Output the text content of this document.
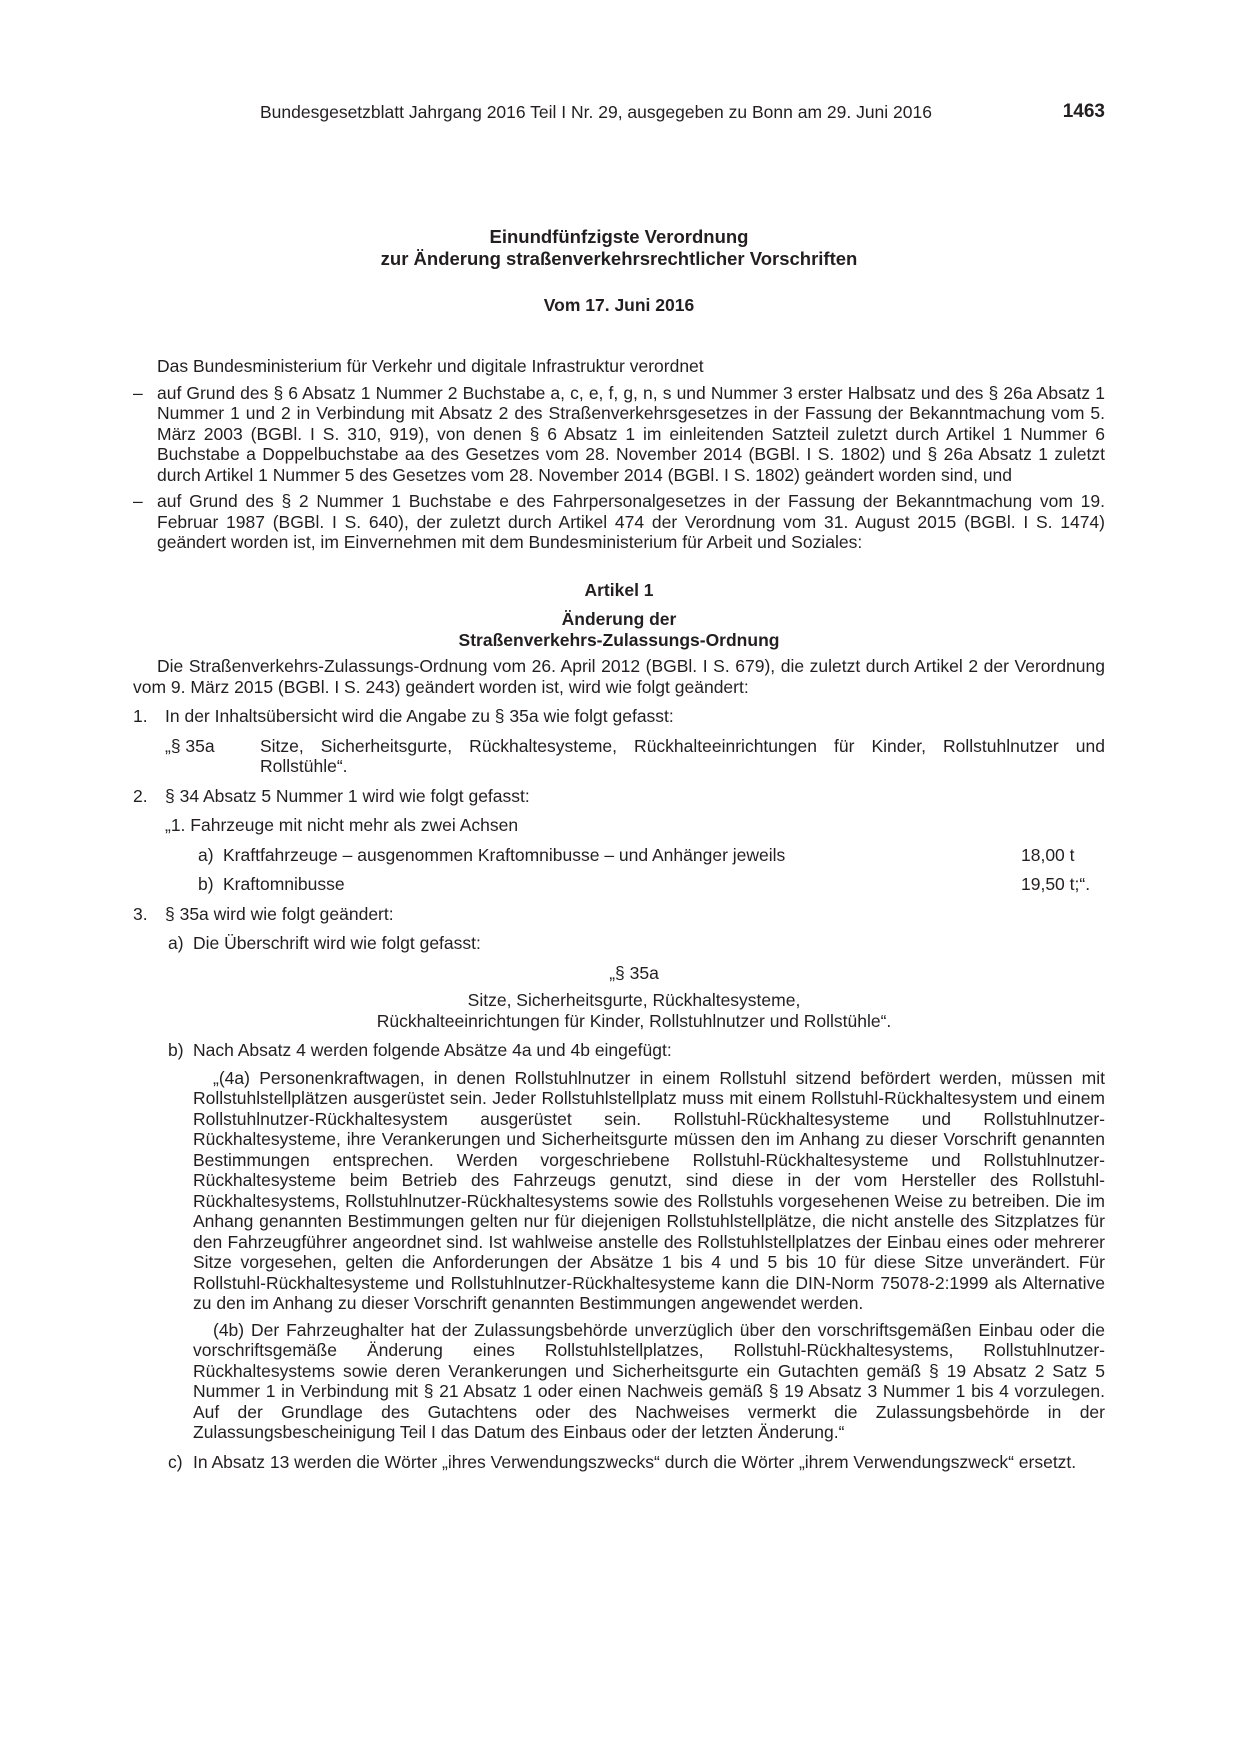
Bundesgesetzblatt Jahrgang 2016 Teil I Nr. 29, ausgegeben zu Bonn am 29. Juni 2016	1463
Einundfünfzigste Verordnung
zur Änderung straßenverkehrsrechtlicher Vorschriften
Vom 17. Juni 2016
Das Bundesministerium für Verkehr und digitale Infrastruktur verordnet
– auf Grund des § 6 Absatz 1 Nummer 2 Buchstabe a, c, e, f, g, n, s und Nummer 3 erster Halbsatz und des § 26a Absatz 1 Nummer 1 und 2 in Verbindung mit Absatz 2 des Straßenverkehrsgesetzes in der Fassung der Bekanntmachung vom 5. März 2003 (BGBl. I S. 310, 919), von denen § 6 Absatz 1 im einleitenden Satzteil zuletzt durch Artikel 1 Nummer 6 Buchstabe a Doppelbuchstabe aa des Gesetzes vom 28. November 2014 (BGBl. I S. 1802) und § 26a Absatz 1 zuletzt durch Artikel 1 Nummer 5 des Gesetzes vom 28. November 2014 (BGBl. I S. 1802) geändert worden sind, und
– auf Grund des § 2 Nummer 1 Buchstabe e des Fahrpersonalgesetzes in der Fassung der Bekanntmachung vom 19. Februar 1987 (BGBl. I S. 640), der zuletzt durch Artikel 474 der Verordnung vom 31. August 2015 (BGBl. I S. 1474) geändert worden ist, im Einvernehmen mit dem Bundesministerium für Arbeit und Soziales:
Artikel 1
Änderung der
Straßenverkehrs-Zulassungs-Ordnung
Die Straßenverkehrs-Zulassungs-Ordnung vom 26. April 2012 (BGBl. I S. 679), die zuletzt durch Artikel 2 der Verordnung vom 9. März 2015 (BGBl. I S. 243) geändert worden ist, wird wie folgt geändert:
1. In der Inhaltsübersicht wird die Angabe zu § 35a wie folgt gefasst:
„§ 35a	Sitze, Sicherheitsgurte, Rückhaltesysteme, Rückhalteeinrichtungen für Kinder, Rollstuhlnutzer und Rollstühle“.
2. § 34 Absatz 5 Nummer 1 wird wie folgt gefasst:
„1. Fahrzeuge mit nicht mehr als zwei Achsen
a) Kraftfahrzeuge – ausgenommen Kraftomnibusse – und Anhänger jeweils	18,00 t
b) Kraftomnibusse	19,50 t;“.
3. § 35a wird wie folgt geändert:
a) Die Überschrift wird wie folgt gefasst:
„§ 35a
Sitze, Sicherheitsgurte, Rückhaltesysteme,
Rückhalteeinrichtungen für Kinder, Rollstuhlnutzer und Rollstühle“.
b) Nach Absatz 4 werden folgende Absätze 4a und 4b eingefügt:
„(4a) Personenkraftwagen, in denen Rollstuhlnutzer in einem Rollstuhl sitzend befördert werden, müssen mit Rollstuhlstellplätzen ausgerüstet sein. Jeder Rollstuhlstellplatz muss mit einem Rollstuhl-Rückhaltesystem und einem Rollstuhlnutzer-Rückhaltesystem ausgerüstet sein. Rollstuhl-Rückhaltesysteme und Rollstuhlnutzer-Rückhaltesysteme, ihre Verankerungen und Sicherheitsgurte müssen den im Anhang zu dieser Vorschrift genannten Bestimmungen entsprechen. Werden vorgeschriebene Rollstuhl-Rückhaltesysteme und Rollstuhlnutzer-Rückhaltesysteme beim Betrieb des Fahrzeugs genutzt, sind diese in der vom Hersteller des Rollstuhl-Rückhaltesystems, Rollstuhlnutzer-Rückhaltesystems sowie des Rollstuhls vorgesehenen Weise zu betreiben. Die im Anhang genannten Bestimmungen gelten nur für diejenigen Rollstuhlstellplätze, die nicht anstelle des Sitzplatzes für den Fahrzeugführer angeordnet sind. Ist wahlweise anstelle des Rollstuhlstellplatzes der Einbau eines oder mehrerer Sitze vorgesehen, gelten die Anforderungen der Absätze 1 bis 4 und 5 bis 10 für diese Sitze unverändert. Für Rollstuhl-Rückhaltesysteme und Rollstuhlnutzer-Rückhaltesysteme kann die DIN-Norm 75078-2:1999 als Alternative zu den im Anhang zu dieser Vorschrift genannten Bestimmungen angewendet werden.
(4b) Der Fahrzeughalter hat der Zulassungsbehörde unverzüglich über den vorschriftsgemäßen Einbau oder die vorschriftsgemäße Änderung eines Rollstuhlstellplatzes, Rollstuhl-Rückhaltesystems, Rollstuhlnutzer-Rückhaltesystems sowie deren Verankerungen und Sicherheitsgurte ein Gutachten gemäß § 19 Absatz 2 Satz 5 Nummer 1 in Verbindung mit § 21 Absatz 1 oder einen Nachweis gemäß § 19 Absatz 3 Nummer 1 bis 4 vorzulegen. Auf der Grundlage des Gutachtens oder des Nachweises vermerkt die Zulassungsbehörde in der Zulassungsbescheinigung Teil I das Datum des Einbaus oder der letzten Änderung.“
c) In Absatz 13 werden die Wörter „ihres Verwendungszwecks“ durch die Wörter „ihrem Verwendungszweck“ ersetzt.
